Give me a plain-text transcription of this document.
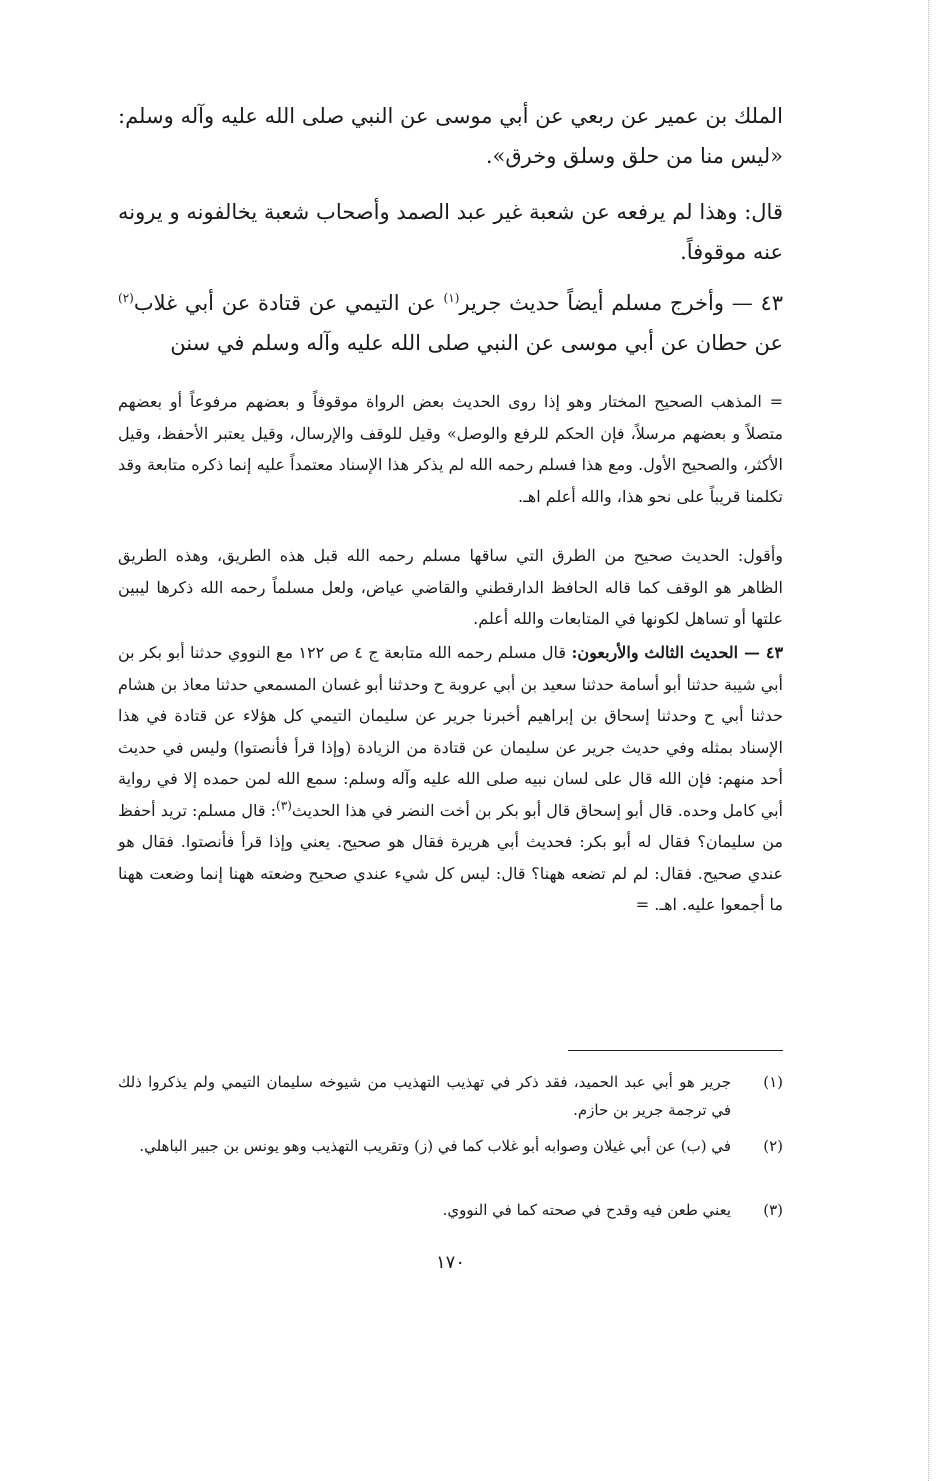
الملك بن عمير عن ربعي عن أبي موسى عن النبي صلى الله عليه وآله وسلم: «ليس منا من حلق وسلق وخرق».

قال: وهذا لم يرفعه عن شعبة غير عبد الصمد وأصحاب شعبة يخالفونه و يرونه عنه موقوفاً.

٤٣ — وأخرج مسلم أيضاً حديث جرير$^{(١)}$ عن التيمي عن قتادة عن أبي غلاب$^{(٢)}$ عن حطان عن أبي موسى عن النبي صلى الله عليه وآله وسلم في سنن

= المذهب الصحيح المختار وهو إذا روى الحديث بعض الرواة موقوفاً و بعضهم مرفوعاً أو بعضهم متصلاً و بعضهم مرسلاً، فإن الحكم للرفع والوصل» وقيل للوقف والإرسال، وقيل يعتبر الأحفظ، وقيل الأكثر، والصحيح الأول. ومع هذا فسلم رحمه الله لم يذكر هذا الإسناد معتمداً عليه إنما ذكره متابعة وقد تكلمنا قريباً على نحو هذا، والله أعلم اهـ.

وأقول: الحديث صحيح من الطرق التي ساقها مسلم رحمه الله قبل هذه الطريق، وهذه الطريق الظاهر هو الوقف كما قاله الحافظ الدارقطني والقاضي عياض، ولعل مسلماً رحمه الله ذكرها ليبين علتها أو تساهل لكونها في المتابعات والله أعلم.

٤٣ — الحديث الثالث والأربعون: قال مسلم رحمه الله متابعة ج ٤ ص ١٢٢ مع النووي حدثنا أبو بكر بن أبي شيبة حدثنا أبو أسامة حدثنا سعيد بن أبي عروبة ح وحدثنا أبو غسان المسمعي حدثنا معاذ بن هشام حدثنا أبي ح وحدثنا إسحاق بن إبراهيم أخبرنا جرير عن سليمان التيمي كل هؤلاء عن قتادة في هذا الإسناد بمثله وفي حديث جرير عن سليمان عن قتادة من الزيادة (وإذا قرأ فأنصتوا) وليس في حديث أحد منهم: فإن الله قال على لسان نبيه صلى الله عليه وآله وسلم: سمع الله لمن حمده إلا في رواية أبي كامل وحده. قال أبو إسحاق قال أبو بكر بن أخت النضر في هذا الحديث$^{(٣)}$: قال مسلم: تريد أحفظ من سليمان؟ فقال له أبو بكر: فحديث أبي هريرة فقال هو صحيح. يعني وإذا قرأ فأنصتوا. فقال هو عندي صحيح. فقال: لم لم تضعه ههنا؟ قال: ليس كل شيء عندي صحيح وضعته ههنا إنما وضعت ههنا ما أجمعوا عليه. اهـ. =

(١)
جرير هو أبي عبد الحميد، فقد ذكر في تهذيب التهذيب من شيوخه سليمان التيمي ولم يذكروا ذلك في ترجمة جرير بن حازم.

(٢)
في (ب) عن أبي غيلان وصوابه أبو غلاب كما في (ز) وتقريب التهذيب وهو يونس بن جبير الباهلي.

(٣)
يعني طعن فيه وقدح في صحته كما في النووي.

١٧٠
